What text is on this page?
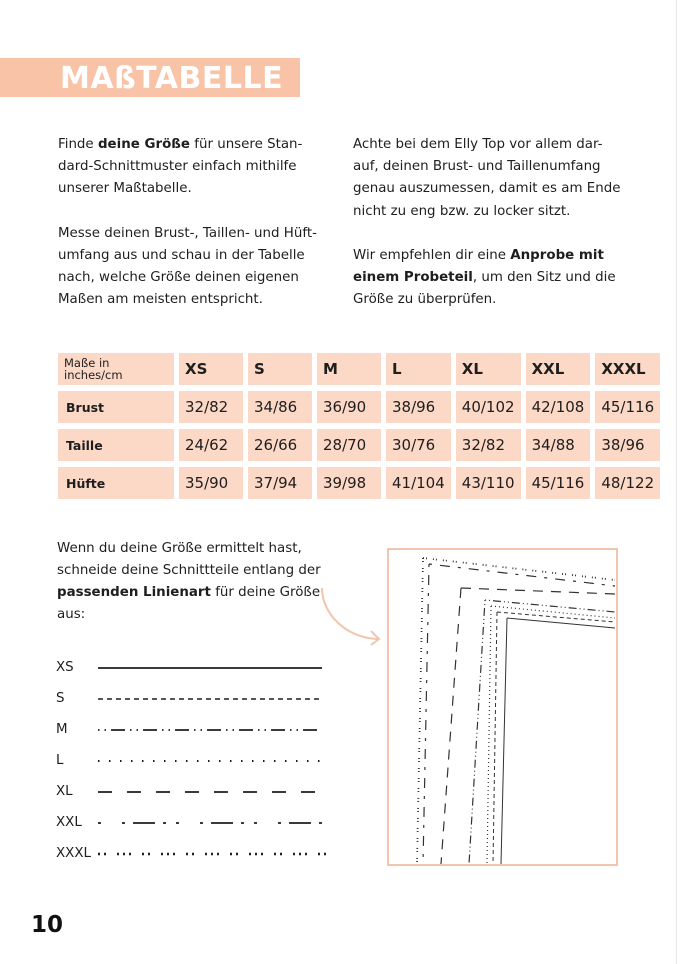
MAßTABELLE

Finde deine Größe für unsere Stan-dard-Schnittmuster einfach mithilfe unserer Maßtabelle.

Messe deinen Brust-, Taillen- und Hüft-umfang aus und schau in der Tabelle nach, welche Größe deinen eigenen Maßen am meisten entspricht.

Achte bei dem Elly Top vor allem dar-auf, deinen Brust- und Taillenumfang genau auszumessen, damit es am Ende nicht zu eng bzw. zu locker sitzt.

Wir empfehlen dir eine Anprobe mit einem Probeteil, um den Sitz und die Größe zu überprüfen.

Maße in
inches/cm	XS	S	M	L	XL	XXL	XXXL
Brust	32/82	34/86	36/90	38/96	40/102	42/108	45/116
Taille	24/62	26/66	28/70	30/76	32/82	34/88	38/96
Hüfte	35/90	37/94	39/98	41/104	43/110	45/116	48/122
Wenn du deine Größe ermittelt hast, schneide deine Schnittteile entlang der passenden Linienart für deine Größe aus:
XS
S
M
L
XL
XXL
XXXL
10
